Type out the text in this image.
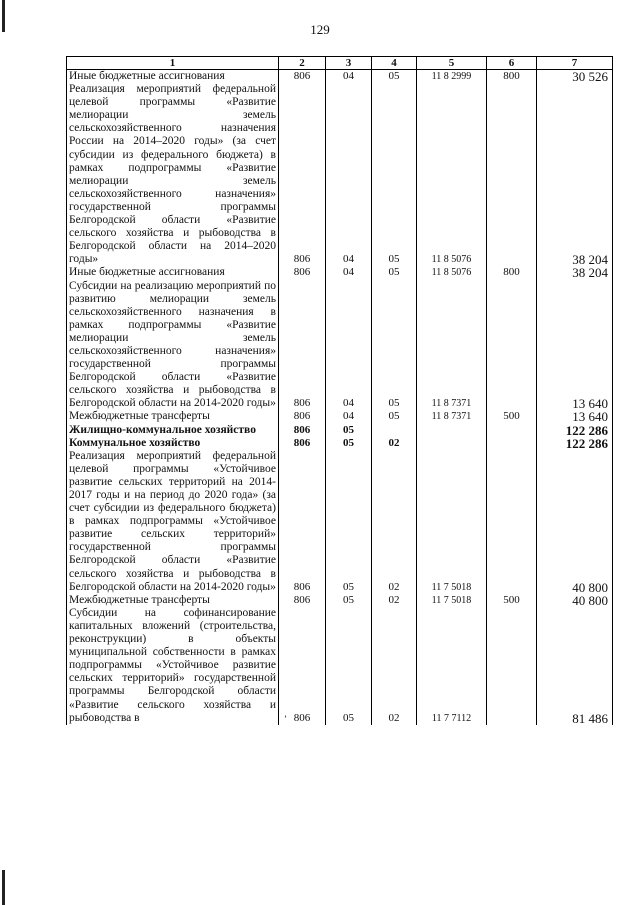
129
1	2	3	4	5	6	7
Иные бюджетные ассигнования	806	04	05	11 8 2999	800	30 526
Реализация мероприятий федеральной целевой программы «Развитие мелиорации земель сельскохозяйственного назначения России на 2014–2020 годы» (за счет субсидии из федерального бюджета) в рамках подпрограммы «Развитие мелиорации земель сельскохозяйственного назначения» государственной программы Белгородской области «Развитие сельского хозяйства и рыбоводства в Белгородской области на 2014–2020 годы»	806	04	05	11 8 5076		38 204
Иные бюджетные ассигнования	806	04	05	11 8 5076	800	38 204
Субсидии на реализацию мероприятий по развитию мелиорации земель сельскохозяйственного назначения в рамках подпрограммы «Развитие мелиорации земель сельскохозяйственного назначения» государственной программы Белгородской области «Развитие сельского хозяйства и рыбоводства в Белгородской области на 2014-2020 годы»	806	04	05	11 8 7371		13 640
Межбюджетные трансферты	806	04	05	11 8 7371	500	13 640
Жилищно-коммунальное хозяйство	806	05				122 286
Коммунальное хозяйство	806	05	02			122 286
Реализация мероприятий федеральной целевой программы «Устойчивое развитие сельских территорий на 2014-2017 годы и на период до 2020 года» (за счет субсидии из федерального бюджета) в рамках подпрограммы «Устойчивое развитие сельских территорий» государственной программы Белгородской области «Развитие сельского хозяйства и рыбоводства в Белгородской области на 2014-2020 годы»	806	05	02	11 7 5018		40 800
Межбюджетные трансферты	806	05	02	11 7 5018	500	40 800
Субсидии на софинансирование капитальных вложений (строительства, реконструкции) в объекты муниципальной собственности в рамках подпрограммы «Устойчивое развитие сельских территорий» государственной программы Белгородской области «Развитие сельского хозяйства и рыбоводства в	806	05	02	11 7 7112		81 486
ʼ
